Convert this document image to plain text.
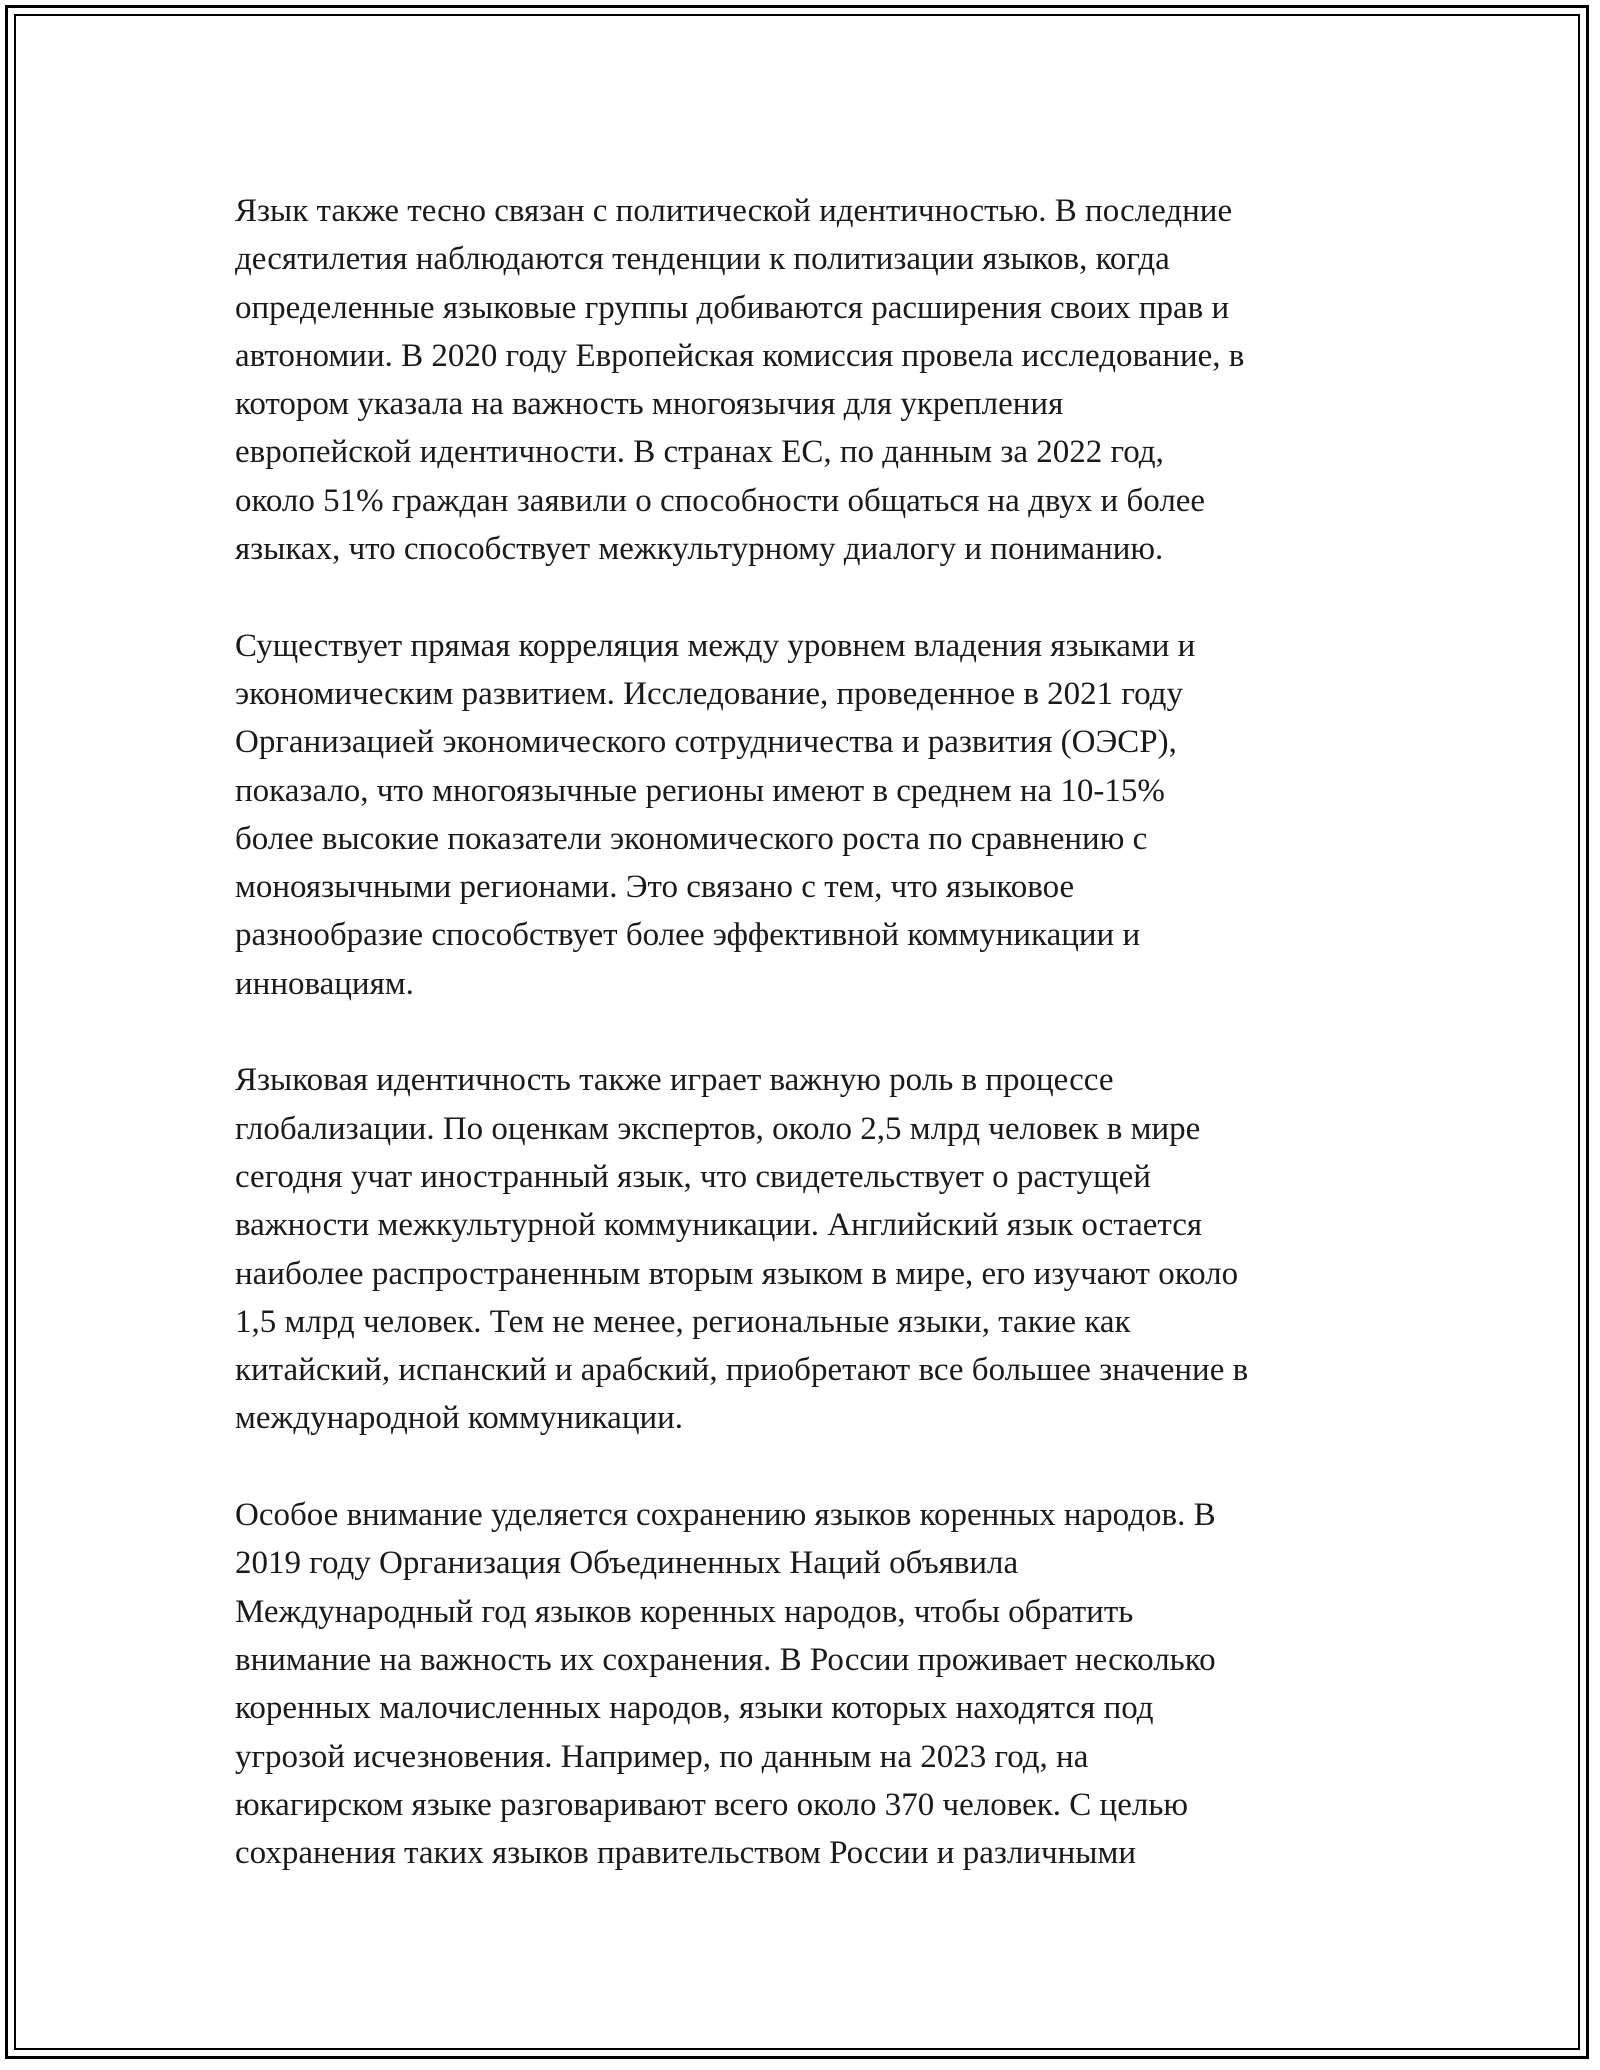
Язык также тесно связан с политической идентичностью. В последние
десятилетия наблюдаются тенденции к политизации языков, когда
определенные языковые группы добиваются расширения своих прав и
автономии. В 2020 году Европейская комиссия провела исследование, в
котором указала на важность многоязычия для укрепления
европейской идентичности. В странах ЕС, по данным за 2022 год,
около 51% граждан заявили о способности общаться на двух и более
языках, что способствует межкультурному диалогу и пониманию.

Существует прямая корреляция между уровнем владения языками и
экономическим развитием. Исследование, проведенное в 2021 году
Организацией экономического сотрудничества и развития (ОЭСР),
показало, что многоязычные регионы имеют в среднем на 10-15%
более высокие показатели экономического роста по сравнению с
моноязычными регионами. Это связано с тем, что языковое
разнообразие способствует более эффективной коммуникации и
инновациям.

Языковая идентичность также играет важную роль в процессе
глобализации. По оценкам экспертов, около 2,5 млрд человек в мире
сегодня учат иностранный язык, что свидетельствует о растущей
важности межкультурной коммуникации. Английский язык остается
наиболее распространенным вторым языком в мире, его изучают около
1,5 млрд человек. Тем не менее, региональные языки, такие как
китайский, испанский и арабский, приобретают все большее значение в
международной коммуникации.

Особое внимание уделяется сохранению языков коренных народов. В
2019 году Организация Объединенных Наций объявила
Международный год языков коренных народов, чтобы обратить
внимание на важность их сохранения. В России проживает несколько
коренных малочисленных народов, языки которых находятся под
угрозой исчезновения. Например, по данным на 2023 год, на
юкагирском языке разговаривают всего около 370 человек. С целью
сохранения таких языков правительством России и различными
